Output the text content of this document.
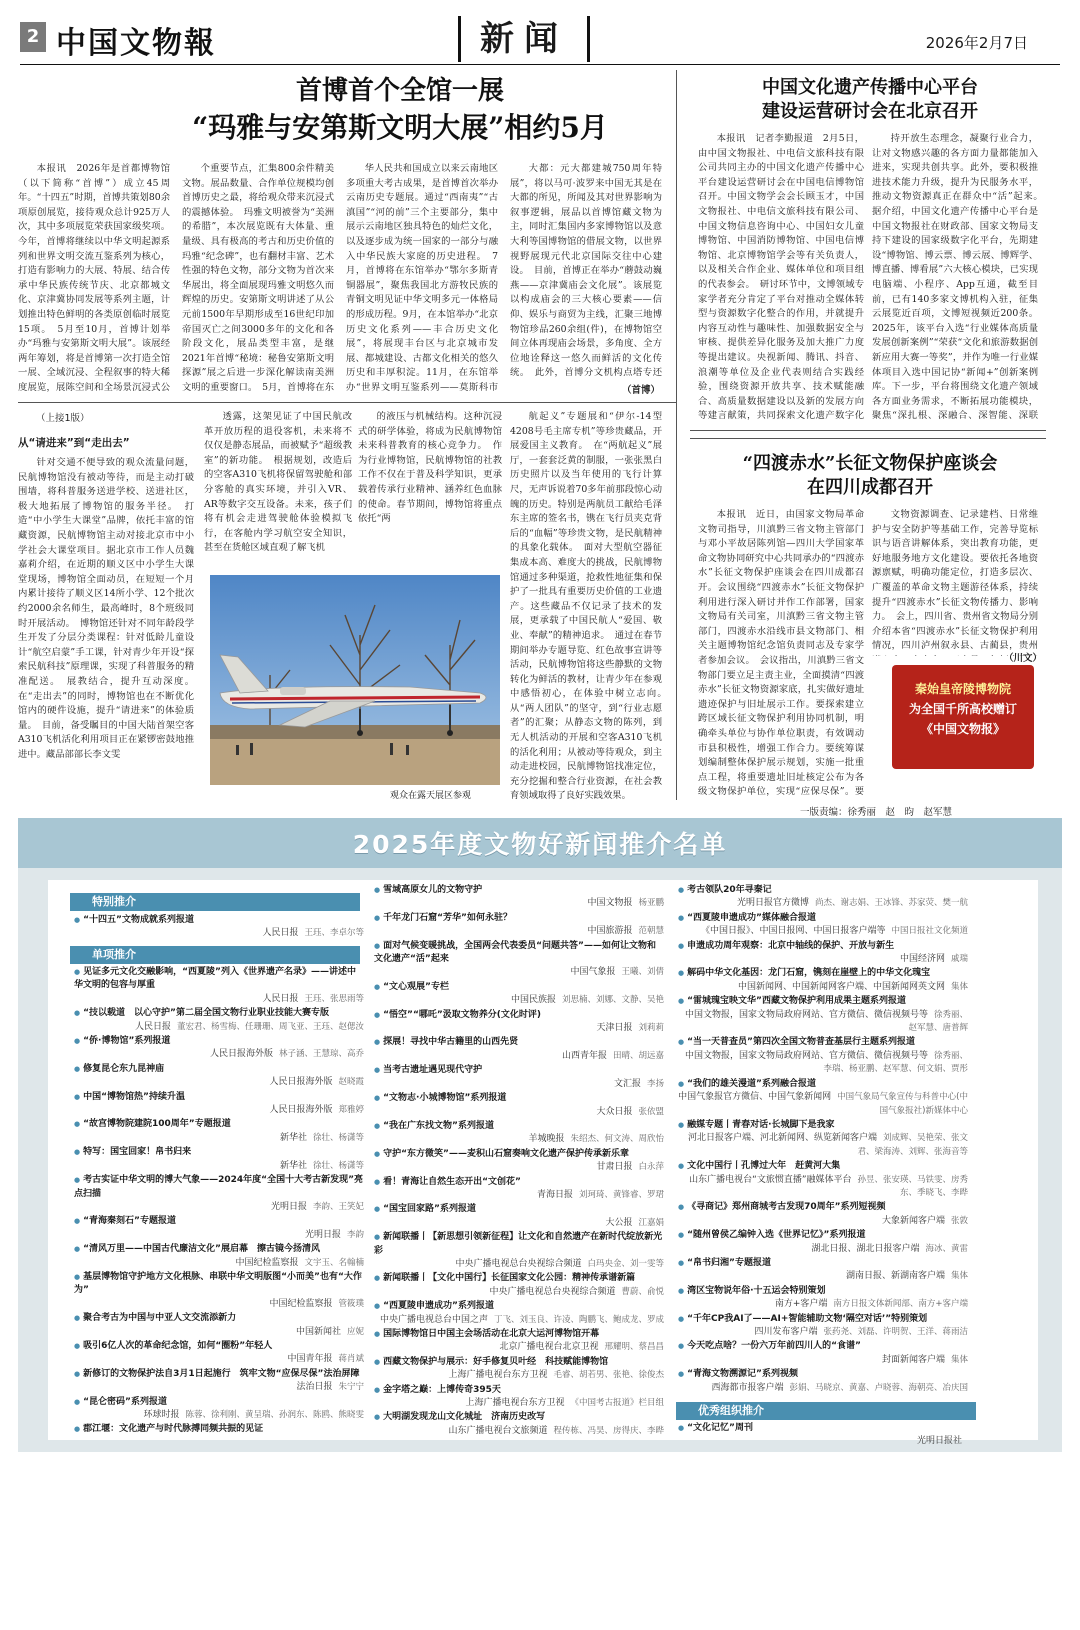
2 中国文物報	新闻	2026年2月7日
首博首个全馆一展
“玛雅与安第斯文明大展”相约5月

本报讯　2026年是首都博物馆（以下简称“首博”）成立45周年。“十四五”时期，首博共策划80余项原创展览，接待观众总计925万人次，其中多项展览荣获国家级奖项。今年，首博将继续以中华文明起源系列和世界文明交流互鉴系列为核心，打造有影响力的大展、特展、结合传承中华民族传统节庆、北京都城文化、京津冀协同发展等系列主题，计划推出特色鲜明的各类原创临时展览15项。　5月至10月，首博计划举办“玛雅与安第斯文明大展”。该展经两年筹划，将是首博第一次打造全馆一展、全域沉浸、全程叙事的特大稀度展览，展陈空间和全场景沉浸式公

个重要节点，汇集800余件精美文物。展品数量、合作单位规模均创首博历史之最，将给观众带来沉浸式的震撼体验。　玛雅文明被誉为“美洲的希腊”，本次展览既有大体量、重量级、具有极高的考古和历史价值的玛雅“纪念碑”，也有翻材丰富、艺术性强的特色文物，部分文物为首次来华展出，将全面展现玛雅文明悠久而辉煌的历史。安第斯文明讲述了从公元前1500年早期形成至16世纪印加帝国灭亡之间3000多年的文化和各阶段文化，展品类型丰富，是继2021年首博“秘境：秘鲁安第斯文明探源”展之后进一步深化解读南美洲文明的重要窗口。　5月，首博将在东

华人民共和国成立以来云南地区多项重大考古成果，是首博首次举办云南历史专题展。通过“西南夷”“古滇国”“河的前”三个主要部分，集中展示云南地区独具特色的灿烂文化，以及逐步成为统一国家的一部分与融入中华民族大家庭的历史进程。　7月，首博将在东馆举办“鄂尔多斯青铜器展”，聚焦我国北方游牧民族的青铜文明见证中华文明多元一体格局的形成历程。9月，在本馆举办“北京历史文化系列——丰合历史文化展”，将展现丰台区与北京城市发展、都城建设、古都文化相关的悠久历史和丰厚积淀。11月，在东馆举办“世界文明互鉴系列——莫斯科市

大都：元大都建城750周年特展”，将以马可·波罗来中国无其是在大都的所见，所闻及其对世界影响为叙事逻辑，展品以首博馆藏文物为主，同时汇集国内多家博物馆以及意大利等国博物馆的借展文物，以世界视野展现元代北京国际交往中心建设。　目前，首博正在举办“蘑鼓动巍燕——京津冀庙会文化展”。该展览以构成庙会的三大核心要素——信仰、娱乐与商贸为主线，汇聚三地博物馆珍品260余组(件)，在博物馆空间立体再现庙会场景，多角度、全方位地诠释这一悠久而鲜活的文化传统。　此外，首博分文机构点塔专还

（首博）
中国文化遗产传播中心平台
建设运营研讨会在北京召开

本报讯　记者李勤报道　2月5日，由中国文物报社、中电信文旅科技有限公司共同主办的中国文化遗产传播中心平台建设运营研讨会在中国电信博物馆召开。中国文物学会会长顾玉才，中国文物报社、中电信文旅科技有限公司、中国文物信息咨询中心、中国妇女儿童博物馆、中国消防博物馆、中国电信博物馆、北京博物馆学会等有关负责人，以及相关合作企业、媒体单位和项目组的代表参会。　研讨环节中，文博领域专家学者充分肯定了平台对推动全媒体转型与资源数字化整合的作用，并就提升内容互动性与趣味性、加强数据安全与审核、提供差异化服务及加大推广力度等提出建议。央视新闻、腾讯、抖音、浪潮等单位及企业代表则结合实践经验，围绕资源开放共享、技术赋能融合、高质量数据建设以及新的发展方向等建言献策，共同探索文化遗产数字化　

持开放生态理念，凝聚行业合力，让对文物感兴趣的各方面力量都能加入进来，实现共创共享。此外，要积极推进技术能力升级，提升为民服务水平，推动文物资源真正在群众中“活”起来。　据介绍，中国文化遗产传播中心平台是中国文物报社在财政部、国家文物局支持下建设的国家级数字化平台，先期建设“博物馆、博云票、博云展、博辉学、博直播、博看展”六大核心模块，已实现电脑端、小程序、App互通，截至目前，已有140多家文博机构入驻，征集云展览近百项，文博短视频近200条。2025年，该平台入选“行业媒体高质量发展创新案例”“荣获“文化和旅游数据创新应用大赛一等奖”，并作为唯一行业媒体项目入选中国记协“新闻+”创新案例库。下一步，平台将围绕文化遗产领域各方面业务需求，不断拓展功能模块，聚焦“深扎根、深融合、深智能、深联

（上接1版）
从“请进来”到“走出去”

针对交通不便导致的观众流量问题，民航博物馆没有被动等待，而是主动打破围墙，将科普服务送进学校、送进社区，极大地拓展了博物馆的服务半径。　打造“中小学生大课堂”品牌，依托丰富的馆藏资源，民航博物馆主动对接北京市中小学社会大课堂项目。据北京市工作人员魏嘉莉介绍，在近期的顺义区中小学生大课堂现场，博物馆全面动员，在短短一个月内累计接待了顺义区14所小学、12个批次约2000余名师生，最高峰时，8个班级同时开展活动。　博物馆还针对不同年龄段学生开发了分层分类课程：针对低龄儿童设计“航空启蒙”手工课，针对青少年开设“探索民航科技”原理课，实现了科普服务的精准配送。　展教结合，提升互动深度。在“走出去”的同时，博物馆也在不断优化馆内的硬件设施，提升“请进来”的体验质量。　目前，备受瞩目的中国大陆首架空客A310飞机活化利用项目正在紧锣密鼓地推进中。藏品部部长李文雯

透露，这架见证了中国民航改革开放历程的退役客机，未来将不仅仅是静态展品，而被赋予“超级教室”的新功能。　根据规划，改造后的空客A310飞机将保留驾驶舱和部分客舱的真实环境，并引入VR、AR等数字交互设备。未来，孩子们将有机会走进驾驶舱体验模拟飞行，在客舱内学习航空安全知识，甚至在货舱区域直观了解飞机

的液压与机械结构。这种沉浸式的研学体验，将成为民航博物馆未来科普教育的核心竞争力。　作为行业博物馆，民航博物馆的社教工作不仅在于普及科学知识，更承载着传承行业精神、涵养红色血脉的使命。春节期间，博物馆将重点依托“两

航起义”专题展和“伊尔-14型4208号毛主席专机”等珍贵藏品，开展爱国主义教育。　在“两航起义”展厅，一套套泛黄的制服，一张张黑白历史照片以及当年使用的飞行计算尺，无声诉说着70多年前那段惊心动魄的历史。特别是两航员工献给毛泽东主席的签名书，镌在飞行员夹克背后的“血幅”等珍贵文物，是民航精神的具象化载体。　面对大型航空器征集成本高、难度大的挑战，民航博物馆通过多种渠道，抢救性地征集和保护了一批具有重要历史价值的工业遗产。这些藏品不仅记录了技术的发展，更承载了中国民航人“爱国、敬业、奉献”的精神追求。　通过在春节期间举办专题导览、红色故事宣讲等活动，民航博物馆将这些静默的文物转化为鲜活的教材，让青少年在参观中感悟初心，在体验中树立志向。　从“两人团队”的坚守，到“行业志愿者”的汇聚；从静态文物的陈列，到无人机活动的开展和空客A310飞机的活化利用；从被动等待观众，到主动走进校园，民航博物馆找准定位，充分挖掘和整合行业资源，在社会教育领域取得了良好实践效果。

观众在露天展区参观
“四渡赤水”长征文物保护座谈会
在四川成都召开

本报讯　近日，由国家文物局革命文物司指导，川滇黔三省文物主管部门与邓小平故居陈列馆—四川大学国家革命文物协同研究中心共同承办的“四渡赤水”长征文物保护座谈会在四川成都召开。会议围绕“四渡赤水”长征文物保护利用进行深入研讨并作工作部署，国家文物局有关司室，川滇黔三省文物主管部门，四渡赤水沿线市县文物部门、相关主题博物馆纪念馆负责同志及专家学者参加会议。　会议指出，川滇黔三省文物部门要立足主责主业，全面摸清“四渡赤水”长征文物资源家底，扎实做好遗址遗迹保护与旧址展示工作。要探索建立跨区域长征文物保护利用协同机制，明确牵头单位与协作单位职责，有效调动市县积极性，增强工作合力。要统筹谋划编制整体保护展示规划，实施一批重点工程，将重要遗址旧址核定公布为各级文物保护单位，实现“应保尽保”。要

文物资源调查、记录建档、日常维护与安全防护等基础工作，完善导览标识与语音讲解体系，突出教育功能，更好地服务地方文化建设。要依托各地资源禀赋，明确功能定位，打造多层次、广覆盖的革命文物主题游径体系，持续提升“四渡赤水”长征文物传播力、影响力。　会上，四川省、贵州省文物局分别介绍本省“四渡赤水”长征文物保护利用情况，四川泸州叙永县、古蔺县，贵州

（川文）
秦始皇帝陵博物院
为全国千所高校赠订
《中国文物报》
一版责编：徐秀丽　赵　昀　赵军慧
2025年度文物好新闻推介名单
特别推介
● “十四五”文物成就系列报道
人民日报 王珏、李卓尔等
单项推介
● 见证多元文化交融影响，“西夏陵”列入《世界遗产名录》——讲述中华文明的包容与厚重
人民日报 王珏、张思雨等
● “技以载道　以心守护”第二届全国文物行业职业技能大赛专版
人民日报 董宏君、杨雪梅、任珊珊、周飞亚、王珏、赵偲汝
● “侨·博物馆”系列报道
人民日报海外版 林子涵、王慧琼、高乔
● 修复昆仑东九昆神庙
人民日报海外版 赵晓霞
● 中国“博物馆热”持续升温
人民日报海外版 郑雅婷
● “故宫博物院建院100周年”专题报道
新华社 徐壮、杨潇等
● 特写：国宝回家！帛书归来
新华社 徐壮、杨潇等
● 考古实证中华文明的博大气象——2024年度“全国十大考古新发现”亮点扫描
光明日报 李韵、王笑妃
● “青海秦刻石”专题报道
光明日报 李韵
● “清风万里——中国古代廉洁文化”展启幕　擦古镜今扬清风
中国纪检监察报 文宇玉、名翰楠
● 基层博物馆守护地方文化根脉、串联中华文明版图“小而美”也有“大作为”
中国纪检监察报 管筱璞
● 聚合考古为中国与中亚人文交流添新力
中国新闻社 应妮
● 吸引6亿人次的革命纪念馆，如何“圈粉”年轻人
中国青年报 蒋肖斌
● 新修订的文物保护法自3月1日起施行　筑牢文物“应保尽保”法治屏障
法治日报 朱宁宁
● “昆仑密码”系列报道
环球时报 陈蓉、徐利刚、黄呈瑞、孙润东、陈鸥、熊晓雯
● 郡江堰：文化遗产与时代脉搏同频共振的见证
● 雪域高原女儿的文物守护
中国文物报 杨亚鹏
● 千年龙门石窟“芳华”如何永驻？
中国旅游报 范朝慧
● 面对气候变暖挑战，全国两会代表委员“问题共答”——如何让文物和文化遗产“活”起来
中国气象报 王曦、刘倩
● “文心观展”专栏
中国民族报 刘思楠、刘娜、文静、吴艳
● “悟空”“哪吒”汲取文物养分(文化时评)
天津日报 刘莉莉
● 探展！寻找中华古籍里的山西先贤
山西青年报 田晴、胡远嘉
● 当考古遗址遇见现代守护
文汇报 李扬
● “文物志·小城博物馆”系列报道
大众日报 张依盟
● “我在广东找文物”系列报道
羊城晚报 朱绍杰、何文涛、周欣怡
● 守护“东方微笑”——麦积山石窟奏响文化遗产保护传承新乐章
甘肃日报 白永萍
● 看！青海让自然生态开出“文创花”
青海日报 刘珂琦、黄锋睿、罗珺
● “国宝回家路”系列报道
大公报 江嘉娟
● 新闻联播丨【新思想引领新征程】让文化和自然遗产在新时代绽放新光彩
中央广播电视总台央视综合频道 白玛央金、刘一雯等
● 新闻联播丨【文化中国行】长征国家文化公园：精神传承谱新篇
中央广播电视总台央视综合频道 曹蔚、俞悦
● “西夏陵申遗成功”系列报道
中央广播电视总台中国之声 丁飞、刘玉良、许凌、陶鹏飞、鲍成龙、罗成
● 国际博物馆日中国主会场活动在北京大运河博物馆开幕
北京广播电视台北京卫视 邢耀明、蔡昌昌
● 西藏文物保护与展示：好手修复贝叶经　科技赋能博物馆
上海广播电视台东方卫视 毛睿、胡若男、张艳、徐俊杰
● 金字塔之巅：上博传奇395天
上海广播电视台东方卫视 《中国考古报道》栏目组
● 大明湖发现龙山文化城址　济南历史改写
山东广播电视台文旅频道 程传栋、冯昊、房得庆、李晔
● 考古领队20年寻秦记
光明日报官方微博 尚杰、谢志娟、王冰锋、苏家荧、樊一航
● “西夏陵申遗成功”媒体融合报道
《中国日报》、中国日报网、中国日报客户端等 中国日报社文化频道
● 申遗成功周年观察：北京中轴线的保护、开放与新生
中国经济网 戚瑞
● 解码中华文化基因：龙门石窟，镌刻在崖壁上的中华文化瑰宝
中国新闻网、中国新闻网客户端、中国新闻网英文网 集体
● “雷城瑰宝映文华”西藏文物保护利用成果主题系列报道
中国文物报，国家文物局政府网站、官方微信、微信视频号等 徐秀丽、赵军慧、唐普辉
● “当一天普查员”第四次全国文物普查基层行主题系列报道
中国文物报，国家文物局政府网站、官方微信、微信视频号等 徐秀丽、李瑞、杨亚鹏、赵军慧、何文娟、贾彤
● “我们的雄关漫道”系列融合报道
中国气象报官方微信、中国气象新闻网 中国气象局气象宣传与科普中心(中国气象报社)新媒体中心
● 融媒专题丨青春对话·长城脚下是我家
河北日报客户端、河北新闻网、纵览新闻客户端 刘成辉、吴艳荣、张文君、梁海涛、刘辉、张海音等
● 文化中国行丨孔博过大年　赶黄河大集
山东广播电视台“文旅惯直播”融媒体平台 孙昱、张安瑛、马铁雯、房秀东、季晓飞、李晔
● 《寻商记》郑州商城考古发现70周年”系列短视频
大象新闻客户端 张敦
● “随州曾侯乙编钟入选《世界记忆》”系列报道
湖北日报、湖北日报客户端 海冰、黄雷
● “帛书归湘”专题报道
湖南日报、新湖南客户端 集体
● 湾区宝物说年俗·十五运会特别策划
南方+客户端 南方日报文体新闻部、南方+客户端
● “千年CP我AI了——AI+智能辅助文物‘隔空对话’”特别策划
四川发布客户端 张药尧、刘磊、许明贺、王洋、蒋雨洁
● 今天吃点啥？一份六万年前四川人的“食谱”
封面新闻客户端 集体
● “青海文物溯源记”系列视频
西海都市报客户端 彭娟、马晓京、黄嘉、卢晓蓉、海朝亮、冶庆国
优秀组织推介
● “文化记忆”周刊
光明日报社
